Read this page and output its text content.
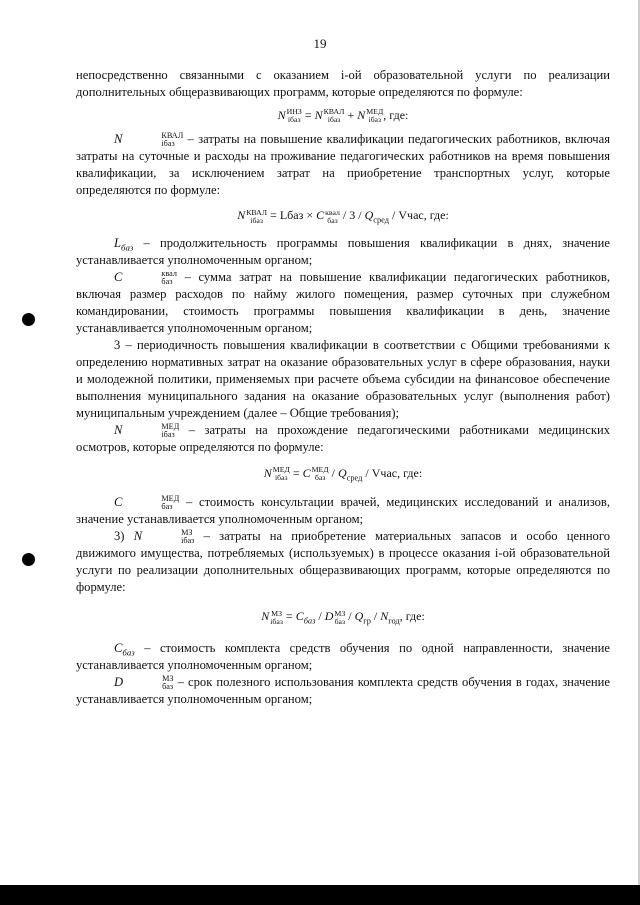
19

непосредственно связанными с оказанием i-ой образовательной услуги по реализации дополнительных общеразвивающих программ, которые определяются по формуле:

N ИНЗ
iбаз = N КВАЛ
iбаз + N МЕД
iбаз , где:

N	КВАЛ
iбаз	– затраты на повышение квалификации педагогических работников, включая затраты на суточные и расходы на проживание педагогических работников на время повышения квалификации, за исключением затрат на приобретение транспортных услуг, которые определяются по формуле:

N КВАЛ
iбаз = Lбаз × C квал
баз / $3 / Q_{сред}$ / Vчас, где:

$L_{баз}$ – продолжительность программы повышения квалификации в днях, значение устанавливается уполномоченным органом;

C	квал
баз – сумма затрат на повышение квалификации педагогических работников, включая размер расходов по найму жилого помещения, размер суточных при служебном командировании, стоимость программы повышения квалификации в день, значение устанавливается уполномоченным органом;

3 – периодичность повышения квалификации в соответствии с Общими требованиями к определению нормативных затрат на оказание образовательных услуг в сфере образования, науки и молодежной политики, применяемых при расчете объема субсидии на финансовое обеспечение выполнения муниципального задания на оказание образовательных услуг (выполнения работ) муниципальным учреждением (далее – Общие требования);

N	МЕД
iбаз	– затраты на прохождение педагогическими работниками медицинских осмотров, которые определяются по формуле:

N МЕД
iбаз = C МЕД
баз / $Q_{сред}$ / Vчас, где:

C	МЕД
баз	– стоимость консультации врачей, медицинских исследований и анализов, значение устанавливается уполномоченным органом;

3) N	МЗ
iбаз – затраты на приобретение материальных запасов и особо ценного движимого имущества, потребляемых (используемых) в процессе оказания i-ой образовательной услуги по реализации дополнительных общеразвивающих программ, которые определяются по формуле:

N МЗ
iбаз = $C_{баз}$ / D МЗ
баз / $Q_{гр} / N_{год}$, где:

$C_{баз}$ – стоимость комплекта средств обучения по одной направленности, значение устанавливается уполномоченным органом;

D	МЗ
баз – срок полезного использования комплекта средств обучения в годах, значение устанавливается уполномоченным органом;
